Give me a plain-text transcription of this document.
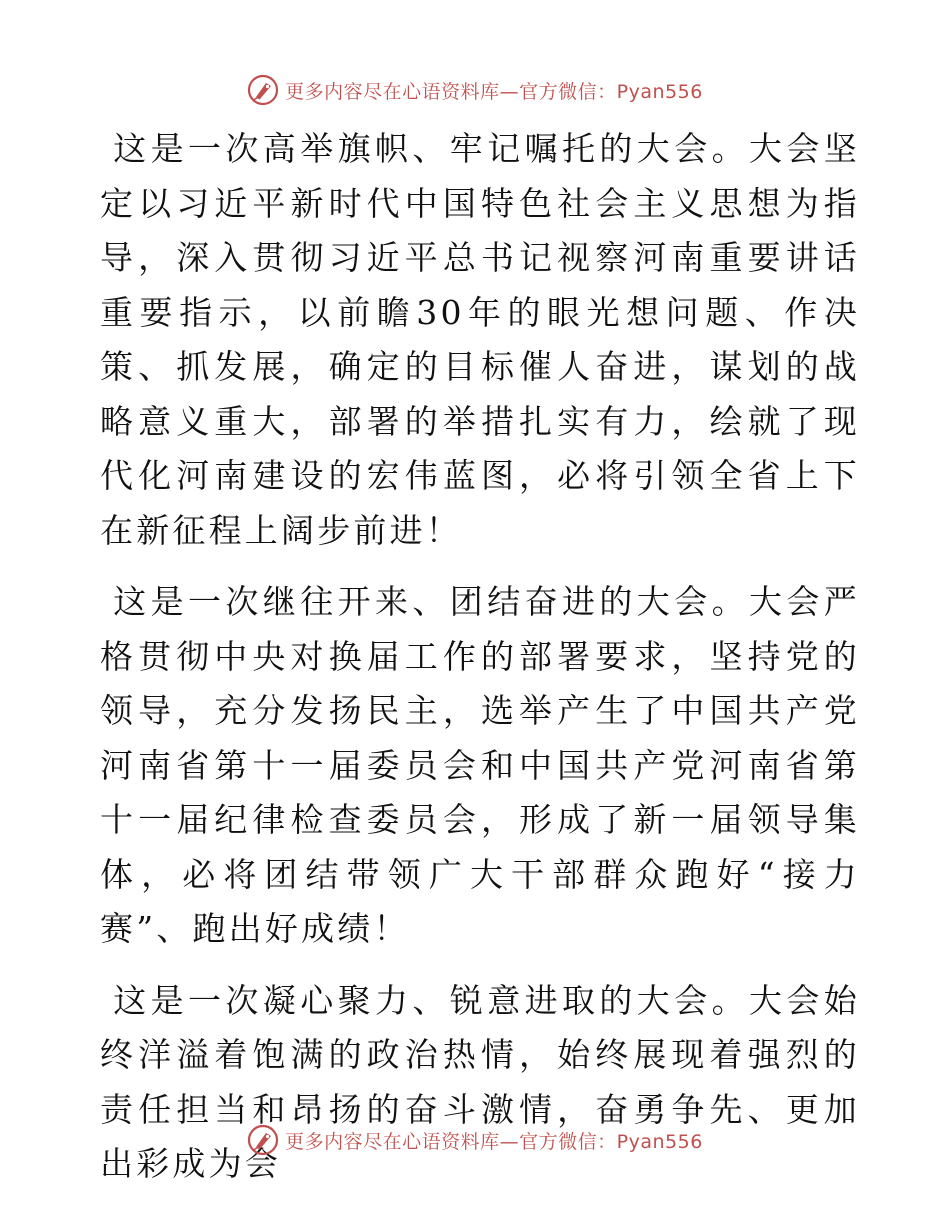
更多内容尽在心语资料库—官方微信：Pyan556

这是一次高举旗帜、牢记嘱托的大会。大会坚定以习近平新时代中国特色社会主义思想为指导，深入贯彻习近平总书记视察河南重要讲话重要指示，以前瞻30年的眼光想问题、作决策、抓发展，确定的目标催人奋进，谋划的战略意义重大，部署的举措扎实有力，绘就了现代化河南建设的宏伟蓝图，必将引领全省上下在新征程上阔步前进！

这是一次继往开来、团结奋进的大会。大会严格贯彻中央对换届工作的部署要求，坚持党的领导，充分发扬民主，选举产生了中国共产党河南省第十一届委员会和中国共产党河南省第十一届纪律检查委员会，形成了新一届领导集体，必将团结带领广大干部群众跑好“接力赛”、跑出好成绩！

这是一次凝心聚力、锐意进取的大会。大会始终洋溢着饱满的政治热情，始终展现着强烈的责任担当和昂扬的奋斗激情，奋勇争先、更加出彩成为会

更多内容尽在心语资料库—官方微信：Pyan556
